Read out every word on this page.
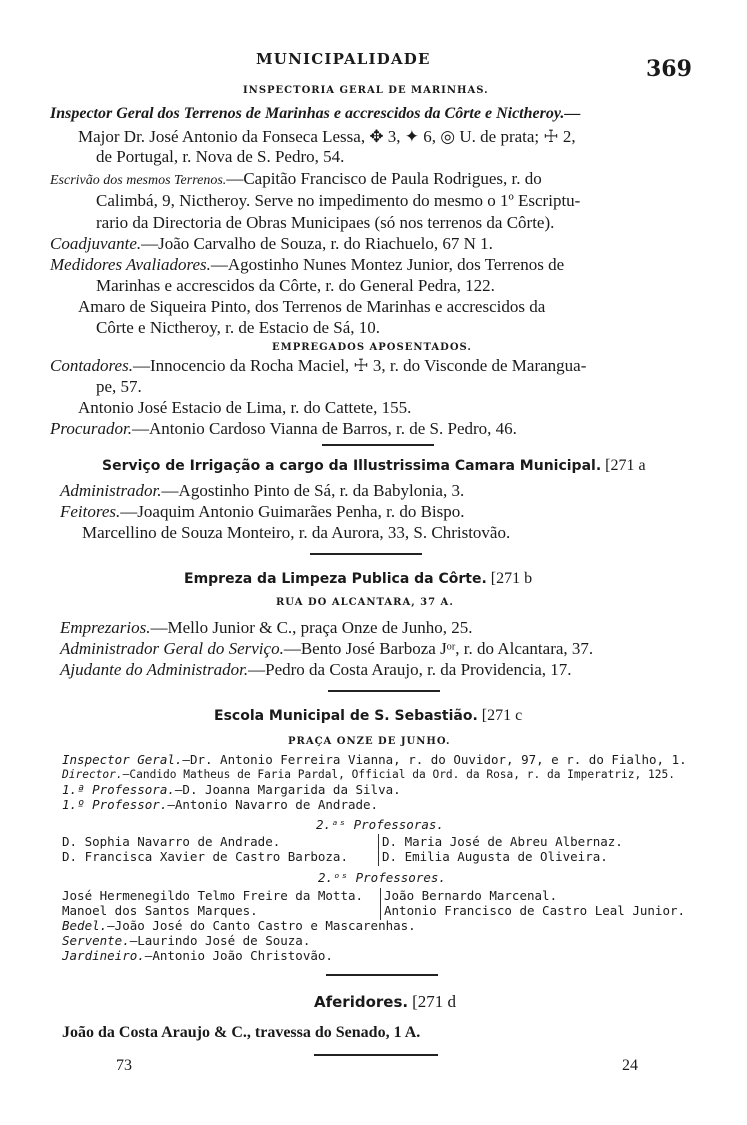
MUNICIPALIDADE	369
INSPECTORIA GERAL DE MARINHAS.
Inspector Geral dos Terrenos de Marinhas e accrescidos da Côrte e Nictheroy.—
Major Dr. José Antonio da Fonseca Lessa, ✥ 3, ✦ 6, ◎ U. de prata; ☩ 2,
de Portugal, r. Nova de S. Pedro, 54.
Escrivão dos mesmos Terrenos.—Capitão Francisco de Paula Rodrigues, r. do
Calimbá, 9, Nictheroy. Serve no impedimento do mesmo o 1º Escriptu-
rario da Directoria de Obras Municipaes (só nos terrenos da Côrte).
Coadjuvante.—João Carvalho de Souza, r. do Riachuelo, 67 N 1.
Medidores Avaliadores.—Agostinho Nunes Montez Junior, dos Terrenos de
Marinhas e accrescidos da Côrte, r. do General Pedra, 122.
Amaro de Siqueira Pinto, dos Terrenos de Marinhas e accrescidos da
Côrte e Nictheroy, r. de Estacio de Sá, 10.
EMPREGADOS APOSENTADOS.
Contadores.—Innocencio da Rocha Maciel, ☩ 3, r. do Visconde de Marangua-
pe, 57.
Antonio José Estacio de Lima, r. do Cattete, 155.
Procurador.—Antonio Cardoso Vianna de Barros, r. de S. Pedro, 46.
Serviço de Irrigação a cargo da Illustrissima Camara Municipal. [271 a
Administrador.—Agostinho Pinto de Sá, r. da Babylonia, 3.
Feitores.—Joaquim Antonio Guimarães Penha, r. do Bispo.
Marcellino de Souza Monteiro, r. da Aurora, 33, S. Christovão.
Empreza da Limpeza Publica da Côrte. [271 b
RUA DO ALCANTARA, 37 A.
Emprezarios.—Mello Junior & C., praça Onze de Junho, 25.
Administrador Geral do Serviço.—Bento José Barboza Jᵒʳ, r. do Alcantara, 37.
Ajudante do Administrador.—Pedro da Costa Araujo, r. da Providencia, 17.
Escola Municipal de S. Sebastião. [271 c
PRAÇA ONZE DE JUNHO.
Inspector Geral.—Dr. Antonio Ferreira Vianna, r. do Ouvidor, 97, e r. do Fialho, 1.
Director.—Candido Matheus de Faria Pardal, Official da Ord. da Rosa, r. da Imperatriz, 125.
1.ª Professora.—D. Joanna Margarida da Silva.
1.º Professor.—Antonio Navarro de Andrade.
2.ᵃˢ Professoras.
D. Sophia Navarro de Andrade.
D. Francisca Xavier de Castro Barboza.
D. Maria José de Abreu Albernaz.
D. Emilia Augusta de Oliveira.
2.ᵒˢ Professores.
José Hermenegildo Telmo Freire da Motta.
Manoel dos Santos Marques.
João Bernardo Marcenal.
Antonio Francisco de Castro Leal Junior.
Bedel.—João José do Canto Castro e Mascarenhas.
Servente.—Laurindo José de Souza.
Jardineiro.—Antonio João Christovão.
Aferidores. [271 d
João da Costa Araujo & C., travessa do Senado, 1 A.
73	24
